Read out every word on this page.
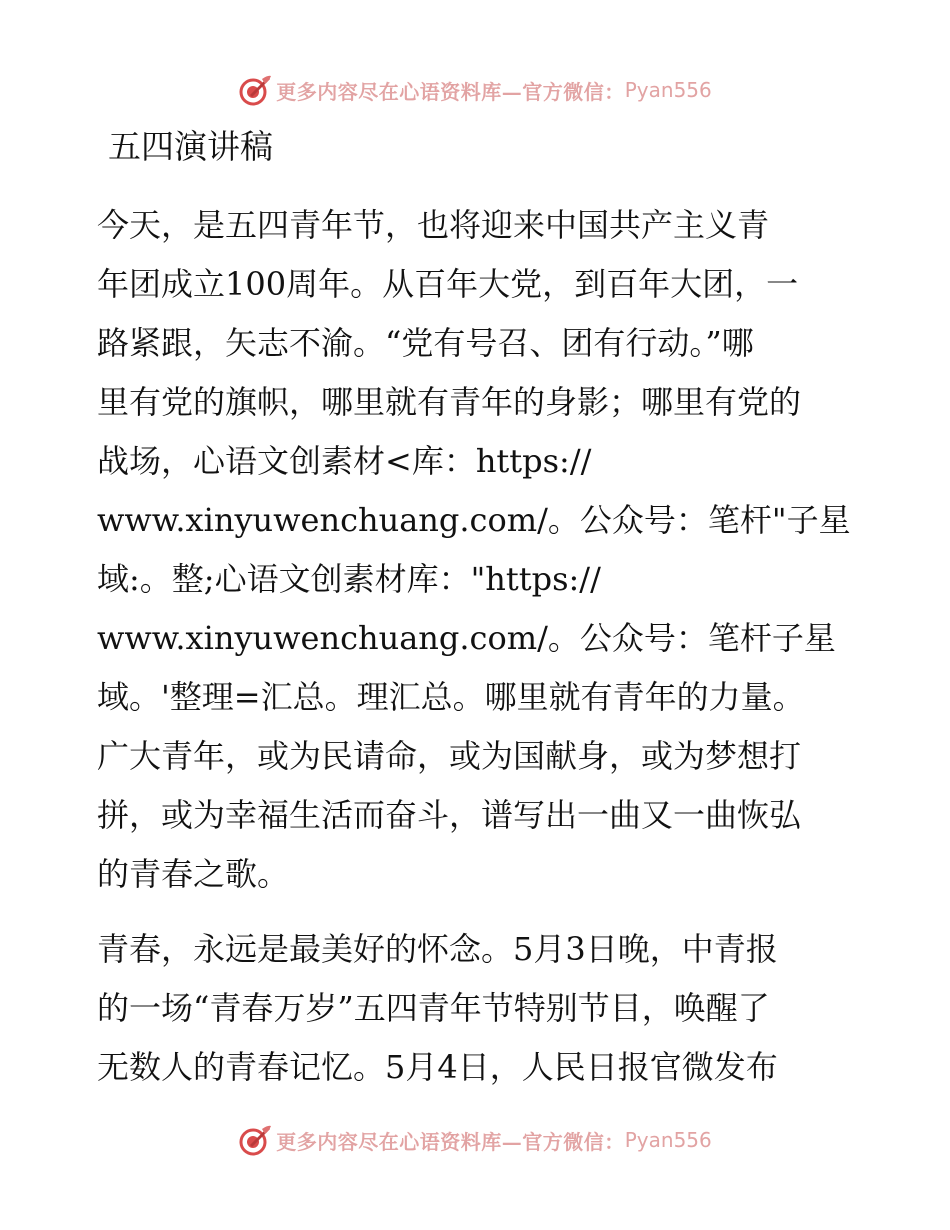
更多内容尽在心语资料库—官方微信： Pyan556
五四演讲稿
今天，是五四青年节，也将迎来中国共产主义青
年团成立100周年。从百年大党，到百年大团，一
路紧跟，矢志不渝。“党有号召、团有行动。”哪
里有党的旗帜，哪里就有青年的身影；哪里有党的
战场，心语文创素材<库：https://
www.xinyuwenchuang.com/。公众号：笔杆"子星
域:。整;心语文创素材库："https://
www.xinyuwenchuang.com/。公众号：笔杆子星
域。'整理=汇总。理汇总。哪里就有青年的力量。
广大青年，或为民请命，或为国献身，或为梦想打
拼，或为幸福生活而奋斗，谱写出一曲又一曲恢弘
的青春之歌。
青春，永远是最美好的怀念。5月3日晚，中青报
的一场“青春万岁”五四青年节特别节目，唤醒了
无数人的青春记忆。5月4日，人民日报官微发布
更多内容尽在心语资料库—官方微信： Pyan556
